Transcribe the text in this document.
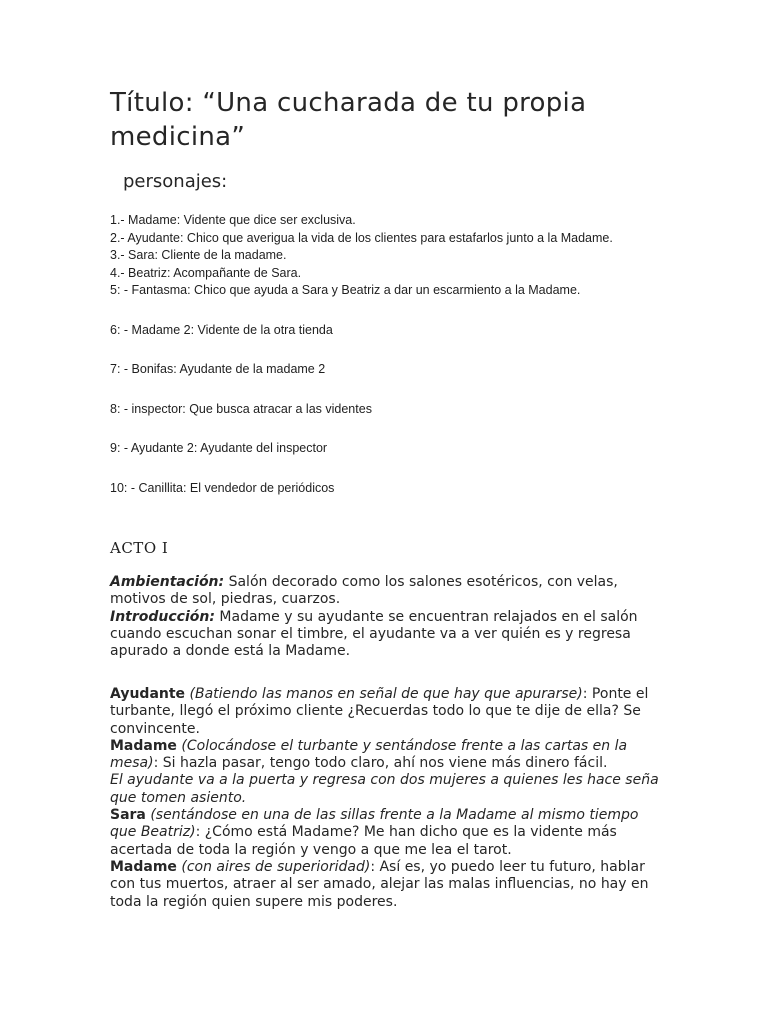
Título: “Una cucharada de tu propia medicina”
personajes:
1.- Madame: Vidente que dice ser exclusiva.
2.- Ayudante: Chico que averigua la vida de los clientes para estafarlos junto a la Madame.
3.- Sara: Cliente de la madame.
4.- Beatriz: Acompañante de Sara.
5: - Fantasma: Chico que ayuda a Sara y Beatriz a dar un escarmiento a la Madame.
6: - Madame 2: Vidente de la otra tienda
7: - Bonifas: Ayudante de la madame 2
8: - inspector: Que busca atracar a las videntes
9: - Ayudante 2: Ayudante del inspector
10: - Canillita: El vendedor de periódicos
ACTO I

Ambientación: Salón decorado como los salones esotéricos, con velas, motivos de sol, piedras, cuarzos.

Introducción: Madame y su ayudante se encuentran relajados en el salón cuando escuchan sonar el timbre, el ayudante va a ver quién es y regresa apurado a donde está la Madame.

Ayudante (Batiendo las manos en señal de que hay que apurarse): Ponte el turbante, llegó el próximo cliente ¿Recuerdas todo lo que te dije de ella? Se convincente.

Madame (Colocándose el turbante y sentándose frente a las cartas en la mesa): Si hazla pasar, tengo todo claro, ahí nos viene más dinero fácil.

El ayudante va a la puerta y regresa con dos mujeres a quienes les hace seña que tomen asiento.

Sara (sentándose en una de las sillas frente a la Madame al mismo tiempo que Beatriz): ¿Cómo está Madame? Me han dicho que es la vidente más acertada de toda la región y vengo a que me lea el tarot.

Madame (con aires de superioridad): Así es, yo puedo leer tu futuro, hablar con tus muertos, atraer al ser amado, alejar las malas influencias, no hay en toda la región quien supere mis poderes.
